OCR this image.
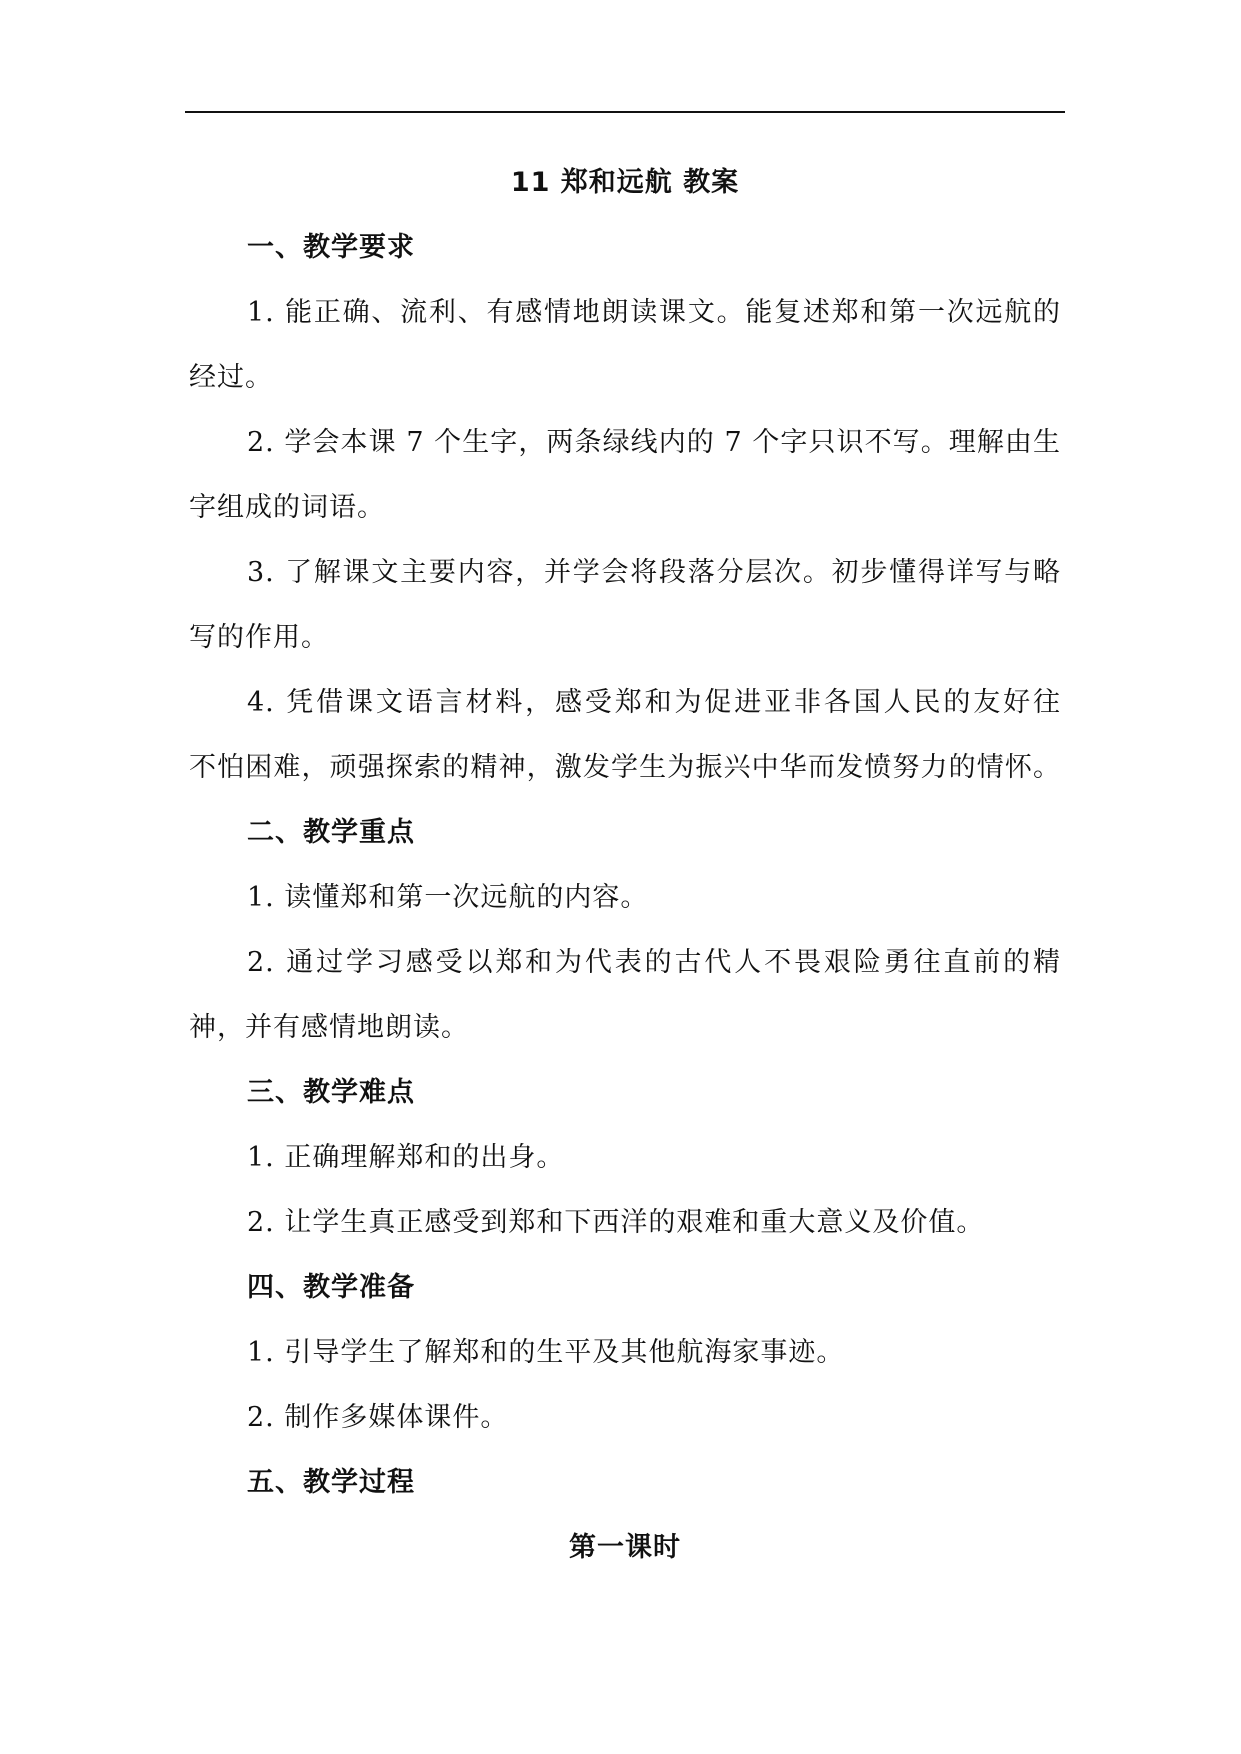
11 郑和远航 教案
一、教学要求
1. 能正确、流利、有感情地朗读课文。能复述郑和第一次远航的
经过。
2. 学会本课 7 个生字，两条绿线内的 7 个字只识不写。理解由生
字组成的词语。
3. 了解课文主要内容，并学会将段落分层次。初步懂得详写与略
写的作用。
4. 凭借课文语言材料，感受郑和为促进亚非各国人民的友好往
不怕困难，顽强探索的精神，激发学生为振兴中华而发愤努力的情怀。
二、教学重点
1. 读懂郑和第一次远航的内容。
2. 通过学习感受以郑和为代表的古代人不畏艰险勇往直前的精
神，并有感情地朗读。
三、教学难点
1. 正确理解郑和的出身。
2. 让学生真正感受到郑和下西洋的艰难和重大意义及价值。
四、教学准备
1. 引导学生了解郑和的生平及其他航海家事迹。
2. 制作多媒体课件。
五、教学过程
第一课时
